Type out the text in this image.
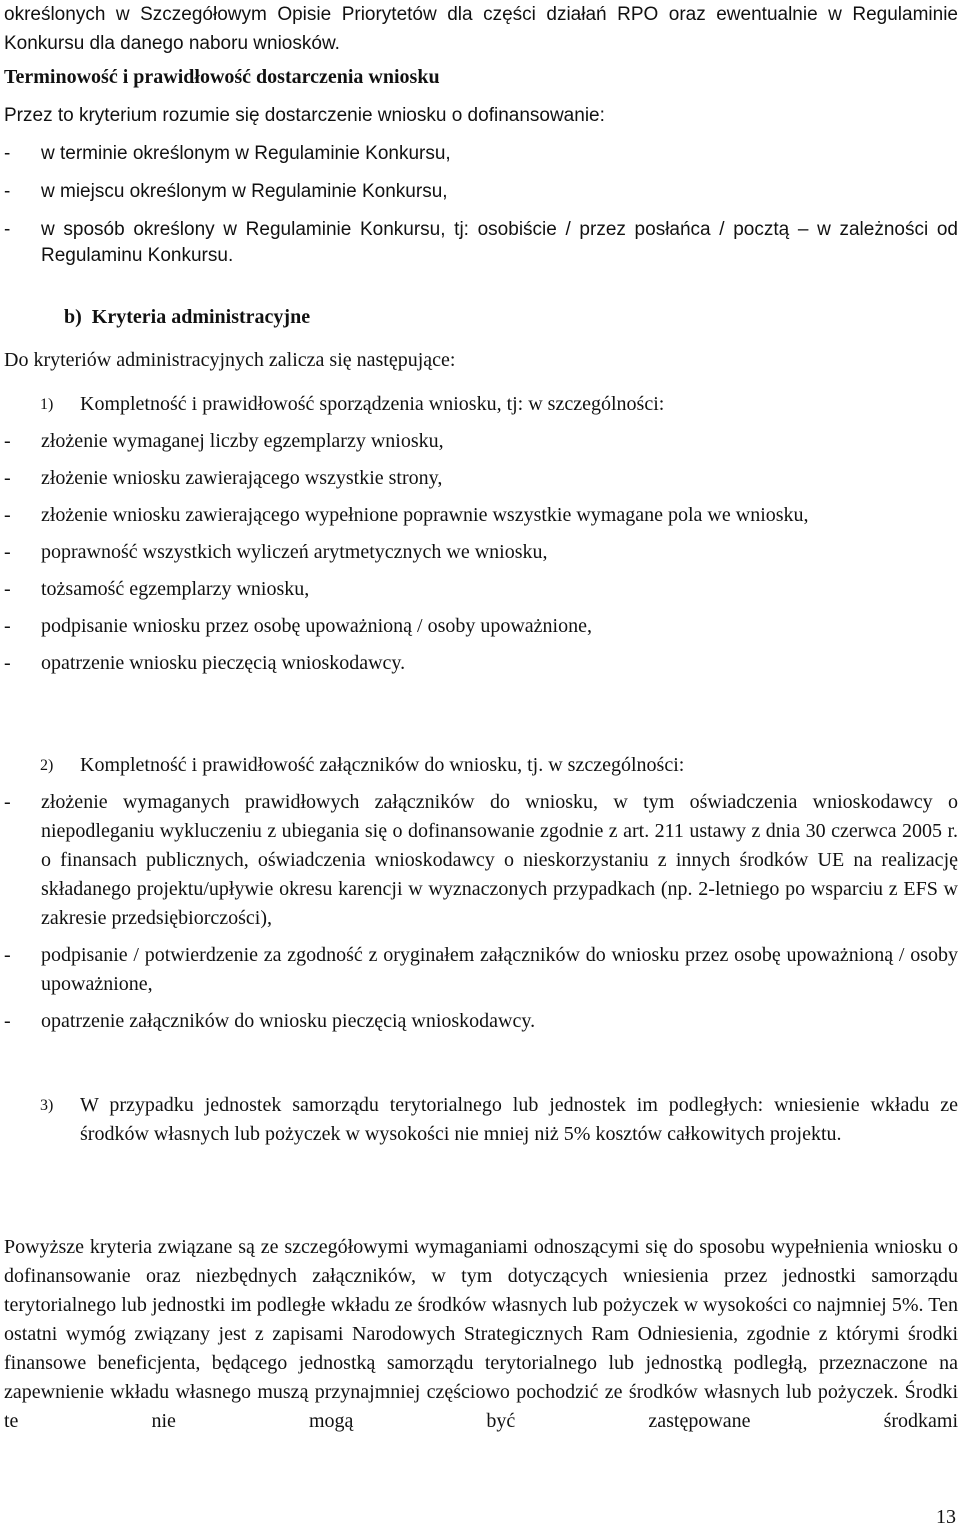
określonych w Szczegółowym Opisie Priorytetów dla części działań RPO oraz ewentualnie w Regulaminie Konkursu dla danego naboru wniosków.

Terminowość i prawidłowość dostarczenia wniosku

Przez to kryterium rozumie się dostarczenie wniosku o dofinansowanie:

-	w terminie określonym w Regulaminie Konkursu,
-	w miejscu określonym w Regulaminie Konkursu,
-	w sposób określony w Regulaminie Konkursu, tj: osobiście / przez posłańca / pocztą – w zależności od Regulaminu Konkursu.
b) Kryteria administracyjne

Do kryteriów administracyjnych zalicza się następujące:

1)	Kompletność i prawidłowość sporządzenia wniosku, tj: w szczególności:
-	złożenie wymaganej liczby egzemplarzy wniosku,
-	złożenie wniosku zawierającego wszystkie strony,
-	złożenie wniosku zawierającego wypełnione poprawnie wszystkie wymagane pola we wniosku,
-	poprawność wszystkich wyliczeń arytmetycznych we wniosku,
-	tożsamość egzemplarzy wniosku,
-	podpisanie wniosku przez osobę upoważnioną / osoby upoważnione,
-	opatrzenie wniosku pieczęcią wnioskodawcy.
2)	Kompletność i prawidłowość załączników do wniosku, tj. w szczególności:
-	złożenie wymaganych prawidłowych załączników do wniosku, w tym oświadczenia wnioskodawcy o niepodleganiu wykluczeniu z ubiegania się o dofinansowanie zgodnie z art. 211 ustawy z dnia 30 czerwca 2005 r. o finansach publicznych, oświadczenia wnioskodawcy o nieskorzystaniu z innych środków UE na realizację składanego projektu/upływie okresu karencji w wyznaczonych przypadkach (np. 2-letniego po wsparciu z EFS w zakresie przedsiębiorczości),
-	podpisanie / potwierdzenie za zgodność z oryginałem załączników do wniosku przez osobę upoważnioną / osoby upoważnione,
-	opatrzenie załączników do wniosku pieczęcią wnioskodawcy.
3)	W przypadku jednostek samorządu terytorialnego lub jednostek im podległych: wniesienie wkładu ze środków własnych lub pożyczek w wysokości nie mniej niż 5% kosztów całkowitych projektu.

Powyższe kryteria związane są ze szczegółowymi wymaganiami odnoszącymi się do sposobu wypełnienia wniosku o dofinansowanie oraz niezbędnych załączników, w tym dotyczących wniesienia przez jednostki samorządu terytorialnego lub jednostki im podległe wkładu ze środków własnych lub pożyczek w wysokości co najmniej 5%. Ten ostatni wymóg związany jest z zapisami Narodowych Strategicznych Ram Odniesienia, zgodnie z którymi środki finansowe beneficjenta, będącego jednostką samorządu terytorialnego lub jednostką podległą, przeznaczone na zapewnienie wkładu własnego muszą przynajmniej częściowo pochodzić ze środków własnych lub pożyczek. Środki te nie mogą być zastępowane środkami

13
